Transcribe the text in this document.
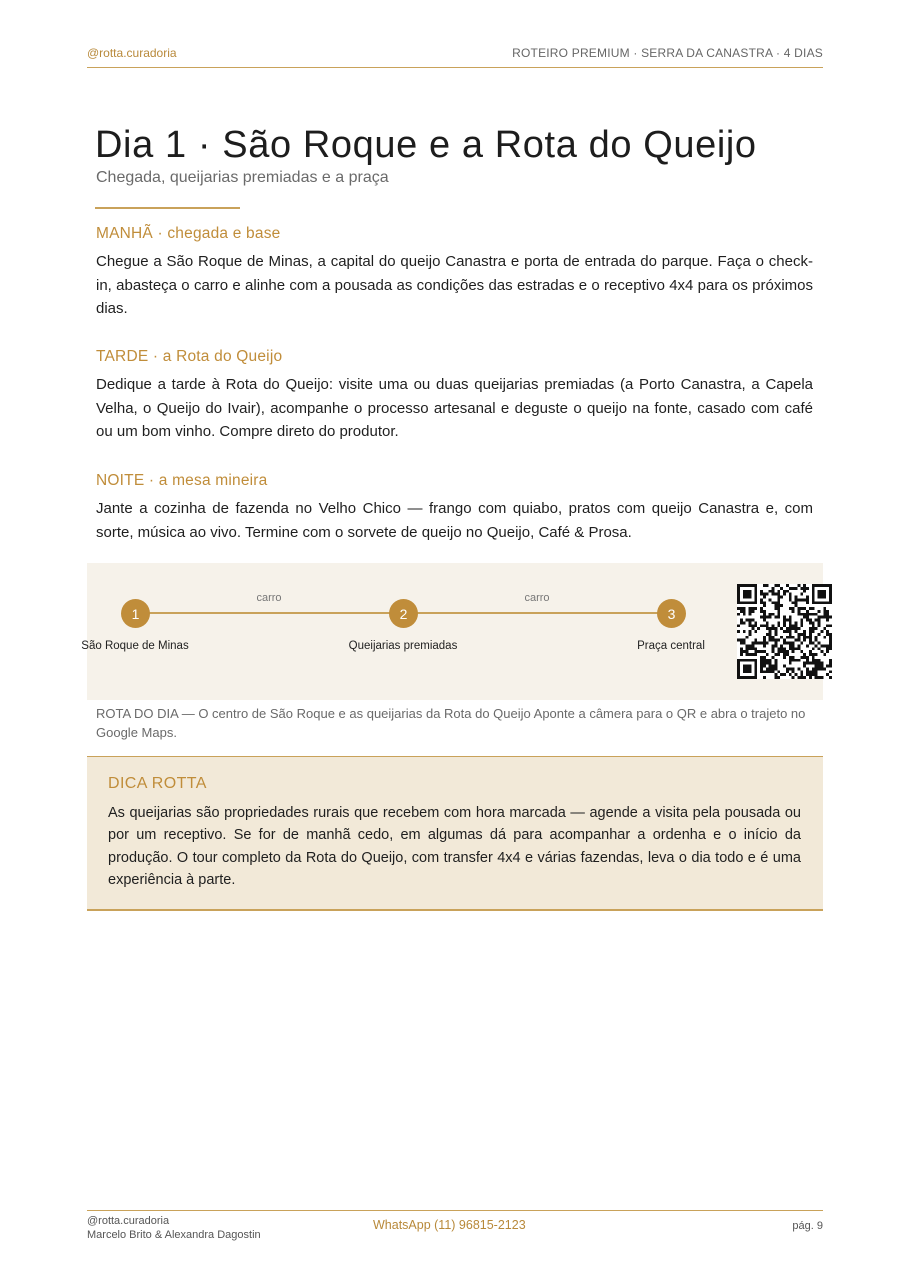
@rotta.curadoria	ROTEIRO PREMIUM · SERRA DA CANASTRA · 4 DIAS
Dia 1 · São Roque e a Rota do Queijo
Chegada, queijarias premiadas e a praça
MANHÃ · chegada e base

Chegue a São Roque de Minas, a capital do queijo Canastra e porta de entrada do parque. Faça o check-in, abasteça o carro e alinhe com a pousada as condições das estradas e o receptivo 4x4 para os próximos dias.

TARDE · a Rota do Queijo

Dedique a tarde à Rota do Queijo: visite uma ou duas queijarias premiadas (a Porto Canastra, a Capela Velha, o Queijo do Ivair), acompanhe o processo artesanal e deguste o queijo na fonte, casado com café ou um bom vinho. Compre direto do produtor.

NOITE · a mesa mineira

Jante a cozinha de fazenda no Velho Chico — frango com quiabo, pratos com queijo Canastra e, com sorte, música ao vivo. Termine com o sorvete de queijo no Queijo, Café & Prosa.

carro	carro
1	2	3
São Roque de Minas	Queijarias premiadas	Praça central
ROTA DO DIA — O centro de São Roque e as queijarias da Rota do Queijo Aponte a câmera para o QR e abra o trajeto no Google Maps.
DICA ROTTA

As queijarias são propriedades rurais que recebem com hora marcada — agende a visita pela pousada ou por um receptivo. Se for de manhã cedo, em algumas dá para acompanhar a ordenha e o início da produção. O tour completo da Rota do Queijo, com transfer 4x4 e várias fazendas, leva o dia todo e é uma experiência à parte.

@rotta.curadoria
Marcelo Brito & Alexandra Dagostin
WhatsApp (11) 96815-2123	pág. 9
